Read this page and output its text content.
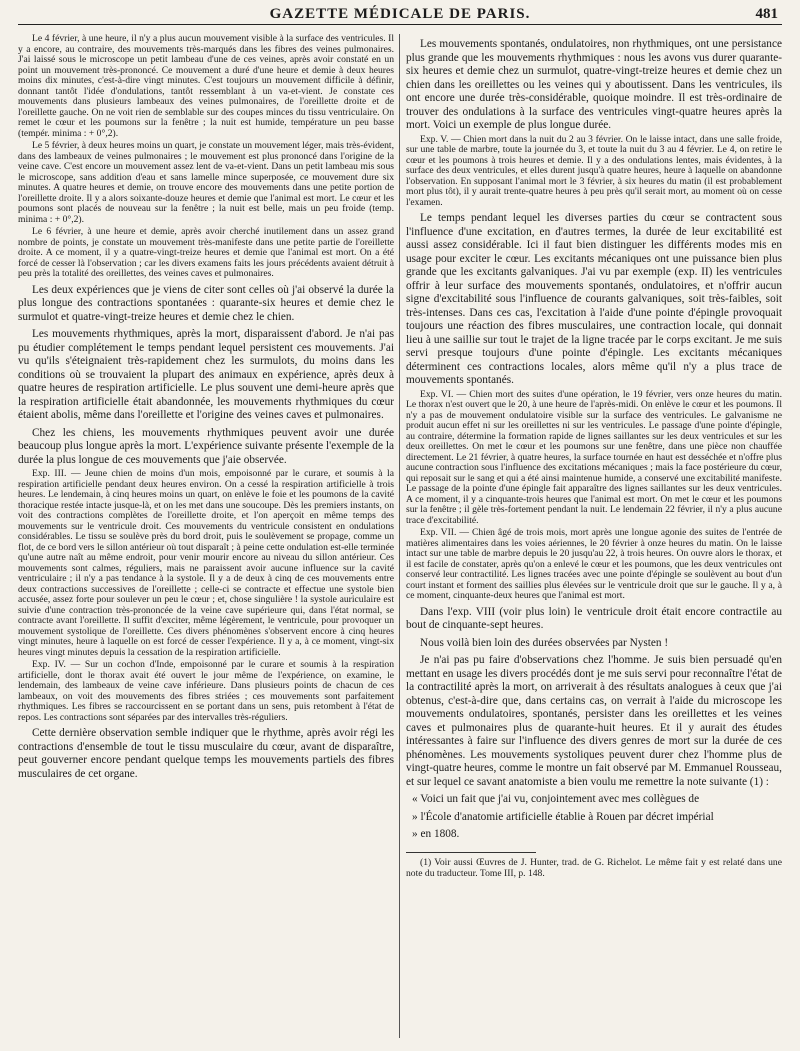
GAZETTE MÉDICALE DE PARIS.	481

Le 4 février, à une heure, il n'y a plus aucun mouvement visible à la surface des ventricules. Il y a encore, au contraire, des mouvements très-marqués dans les fibres des veines pulmonaires. J'ai laissé sous le microscope un petit lambeau d'une de ces veines, après avoir constaté en un point un mouvement très-prononcé. Ce mouvement a duré d'une heure et demie à deux heures moins dix minutes, c'est-à-dire vingt minutes. C'est toujours un mouvement difficile à définir, donnant tantôt l'idée d'ondulations, tantôt ressemblant à un va-et-vient. Je constate ces mouvements dans plusieurs lambeaux des veines pulmonaires, de l'oreillette droite et de l'oreillette gauche. On ne voit rien de semblable sur des coupes minces du tissu ventriculaire. On remet le cœur et les poumons sur la fenêtre ; la nuit est humide, température un peu basse (tempér. minima : + 0°,2).

Le 5 février, à deux heures moins un quart, je constate un mouvement léger, mais très-évident, dans des lambeaux de veines pulmonaires ; le mouvement est plus prononcé dans l'origine de la veine cave. C'est encore un mouvement assez lent de va-et-vient. Dans un petit lambeau mis sous le microscope, sans addition d'eau et sans lamelle mince superposée, ce mouvement dure six minutes. A quatre heures et demie, on trouve encore des mouvements dans une petite portion de l'oreillette droite. Il y a alors soixante-douze heures et demie que l'animal est mort. Le cœur et les poumons sont placés de nouveau sur la fenêtre ; la nuit est belle, mais un peu froide (temp. minima : + 0°,2).

Le 6 février, à une heure et demie, après avoir cherché inutilement dans un assez grand nombre de points, je constate un mouvement très-manifeste dans une petite partie de l'oreillette droite. A ce moment, il y a quatre-vingt-treize heures et demie que l'animal est mort. On a été forcé de cesser là l'observation ; car les divers examens faits les jours précédents avaient détruit à peu près la totalité des oreillettes, des veines caves et pulmonaires.

Les deux expériences que je viens de citer sont celles où j'ai observé la durée la plus longue des contractions spontanées : quarante-six heures et demie chez le surmulot et quatre-vingt-treize heures et demie chez le chien.

Les mouvements rhythmiques, après la mort, disparaissent d'abord. Je n'ai pas pu étudier complétement le temps pendant lequel persistent ces mouvements. J'ai vu qu'ils s'éteignaient très-rapidement chez les surmulots, du moins dans les conditions où se trouvaient la plupart des animaux en expérience, après deux à quatre heures de respiration artificielle. Le plus souvent une demi-heure après que la respiration artificielle était abandonnée, les mouvements rhythmiques du cœur étaient abolis, même dans l'oreillette et l'origine des veines caves et pulmonaires.

Chez les chiens, les mouvements rhythmiques peuvent avoir une durée beaucoup plus longue après la mort. L'expérience suivante présente l'exemple de la durée la plus longue de ces mouvements que j'aie observée.

Exp. III. — Jeune chien de moins d'un mois, empoisonné par le curare, et soumis à la respiration artificielle pendant deux heures environ. On a cessé la respiration artificielle à trois heures. Le lendemain, à cinq heures moins un quart, on enlève le foie et les poumons de la cavité thoracique restée intacte jusque-là, et on les met dans une soucoupe. Dès les premiers instants, on voit des contractions complètes de l'oreillette droite, et l'on aperçoit en même temps des mouvements sur le ventricule droit. Ces mouvements du ventricule consistent en ondulations considérables. Le tissu se soulève près du bord droit, puis le soulèvement se propage, comme un flot, de ce bord vers le sillon antérieur où tout disparaît ; à peine cette ondulation est-elle terminée qu'une autre naît au même endroit, pour venir mourir encore au niveau du sillon antérieur. Ces mouvements sont calmes, réguliers, mais ne paraissent avoir aucune influence sur la cavité ventriculaire ; il n'y a pas tendance à la systole. Il y a de deux à cinq de ces mouvements entre deux contractions successives de l'oreillette ; celle-ci se contracte et effectue une systole bien accusée, assez forte pour soulever un peu le cœur ; et, chose singulière ! la systole auriculaire est suivie d'une contraction très-prononcée de la veine cave supérieure qui, dans l'état normal, se contracte avant l'oreillette. Il suffit d'exciter, même légèrement, le ventricule, pour provoquer un mouvement systolique de l'oreillette. Ces divers phénomènes s'observent encore à cinq heures vingt minutes, heure à laquelle on est forcé de cesser l'expérience. Il y a, à ce moment, vingt-six heures vingt minutes depuis la cessation de la respiration artificielle.

Exp. IV. — Sur un cochon d'Inde, empoisonné par le curare et soumis à la respiration artificielle, dont le thorax avait été ouvert le jour même de l'expérience, on examine, le lendemain, des lambeaux de veine cave inférieure. Dans plusieurs points de chacun de ces lambeaux, on voit des mouvements des fibres striées ; ces mouvements sont parfaitement rhythmiques. Les fibres se raccourcissent en se portant dans un sens, puis retombent à l'état de repos. Les contractions sont séparées par des intervalles très-réguliers.

Cette dernière observation semble indiquer que le rhythme, après avoir régi les contractions d'ensemble de tout le tissu musculaire du cœur, avant de disparaître, peut gouverner encore pendant quelque temps les mouvements partiels des fibres musculaires de cet organe.

Les mouvements spontanés, ondulatoires, non rhythmiques, ont une persistance plus grande que les mouvements rhythmiques : nous les avons vus durer quarante-six heures et demie chez un surmulot, quatre-vingt-treize heures et demie chez un chien dans les oreillettes ou les veines qui y aboutissent. Dans les ventricules, ils ont encore une durée très-considérable, quoique moindre. Il est très-ordinaire de trouver des ondulations à la surface des ventricules vingt-quatre heures après la mort. Voici un exemple de plus longue durée.

Exp. V. — Chien mort dans la nuit du 2 au 3 février. On le laisse intact, dans une salle froide, sur une table de marbre, toute la journée du 3, et toute la nuit du 3 au 4 février. Le 4, on retire le cœur et les poumons à trois heures et demie. Il y a des ondulations lentes, mais évidentes, à la surface des deux ventricules, et elles durent jusqu'à quatre heures, heure à laquelle on abandonne l'observation. En supposant l'animal mort le 3 février, à six heures du matin (il est probablement mort plus tôt), il y aurait trente-quatre heures à peu près qu'il serait mort, au moment où on cesse l'examen.

Le temps pendant lequel les diverses parties du cœur se contractent sous l'influence d'une excitation, en d'autres termes, la durée de leur excitabilité est aussi assez considérable. Ici il faut bien distinguer les différents modes mis en usage pour exciter le cœur. Les excitants mécaniques ont une puissance bien plus grande que les excitants galvaniques. J'ai vu par exemple (exp. II) les ventricules offrir à leur surface des mouvements spontanés, ondulatoires, et n'offrir aucun signe d'excitabilité sous l'influence de courants galvaniques, soit très-faibles, soit très-intenses. Dans ces cas, l'excitation à l'aide d'une pointe d'épingle provoquait toujours une réaction des fibres musculaires, une contraction locale, qui donnait lieu à une saillie sur tout le trajet de la ligne tracée par le corps excitant. Je me suis servi presque toujours d'une pointe d'épingle. Les excitants mécaniques déterminent ces contractions locales, alors même qu'il n'y a plus trace de mouvements spontanés.

Exp. VI. — Chien mort des suites d'une opération, le 19 février, vers onze heures du matin. Le thorax n'est ouvert que le 20, à une heure de l'après-midi. On enlève le cœur et les poumons. Il n'y a pas de mouvement ondulatoire visible sur la surface des ventricules. Le galvanisme ne produit aucun effet ni sur les oreillettes ni sur les ventricules. Le passage d'une pointe d'épingle, au contraire, détermine la formation rapide de lignes saillantes sur les deux ventricules et sur les deux oreillettes. On met le cœur et les poumons sur une fenêtre, dans une pièce non chauffée directement. Le 21 février, à quatre heures, la surface tournée en haut est desséchée et n'offre plus aucune contraction sous l'influence des excitations mécaniques ; mais la face postérieure du cœur, qui reposait sur le sang et qui a été ainsi maintenue humide, a conservé une excitabilité manifeste. Le passage de la pointe d'une épingle fait apparaître des lignes saillantes sur les deux ventricules. A ce moment, il y a cinquante-trois heures que l'animal est mort. On met le cœur et les poumons sur la fenêtre ; il gèle très-fortement pendant la nuit. Le lendemain 22 février, il n'y a plus aucune trace d'excitabilité.

Exp. VII. — Chien âgé de trois mois, mort après une longue agonie des suites de l'entrée de matières alimentaires dans les voies aériennes, le 20 février à onze heures du matin. On le laisse intact sur une table de marbre depuis le 20 jusqu'au 22, à trois heures. On ouvre alors le thorax, et il est facile de constater, après qu'on a enlevé le cœur et les poumons, que les deux ventricules ont conservé leur contractilité. Les lignes tracées avec une pointe d'épingle se soulèvent au bout d'un court instant et forment des saillies plus élevées sur le ventricule droit que sur le gauche. Il y a, à ce moment, cinquante-deux heures que l'animal est mort.

Dans l'exp. VIII (voir plus loin) le ventricule droit était encore contractile au bout de cinquante-sept heures.

Nous voilà bien loin des durées observées par Nysten !

Je n'ai pas pu faire d'observations chez l'homme. Je suis bien persuadé qu'en mettant en usage les divers procédés dont je me suis servi pour reconnaître l'état de la contractilité après la mort, on arriverait à des résultats analogues à ceux que j'ai obtenus, c'est-à-dire que, dans certains cas, on verrait à l'aide du microscope les mouvements ondulatoires, spontanés, persister dans les oreillettes et les veines caves et pulmonaires plus de quarante-huit heures. Et il y aurait des études intéressantes à faire sur l'influence des divers genres de mort sur la durée de ces phénomènes. Les mouvements systoliques peuvent durer chez l'homme plus de vingt-quatre heures, comme le montre un fait observé par M. Emmanuel Rousseau, et sur lequel ce savant anatomiste a bien voulu me remettre la note suivante (1) :

« Voici un fait que j'ai vu, conjointement avec mes collègues de

» l'École d'anatomie artificielle établie à Rouen par décret impérial

» en 1808.

(1) Voir aussi Œuvres de J. Hunter, trad. de G. Richelot. Le même fait y est relaté dans une note du traducteur. Tome III, p. 148.
